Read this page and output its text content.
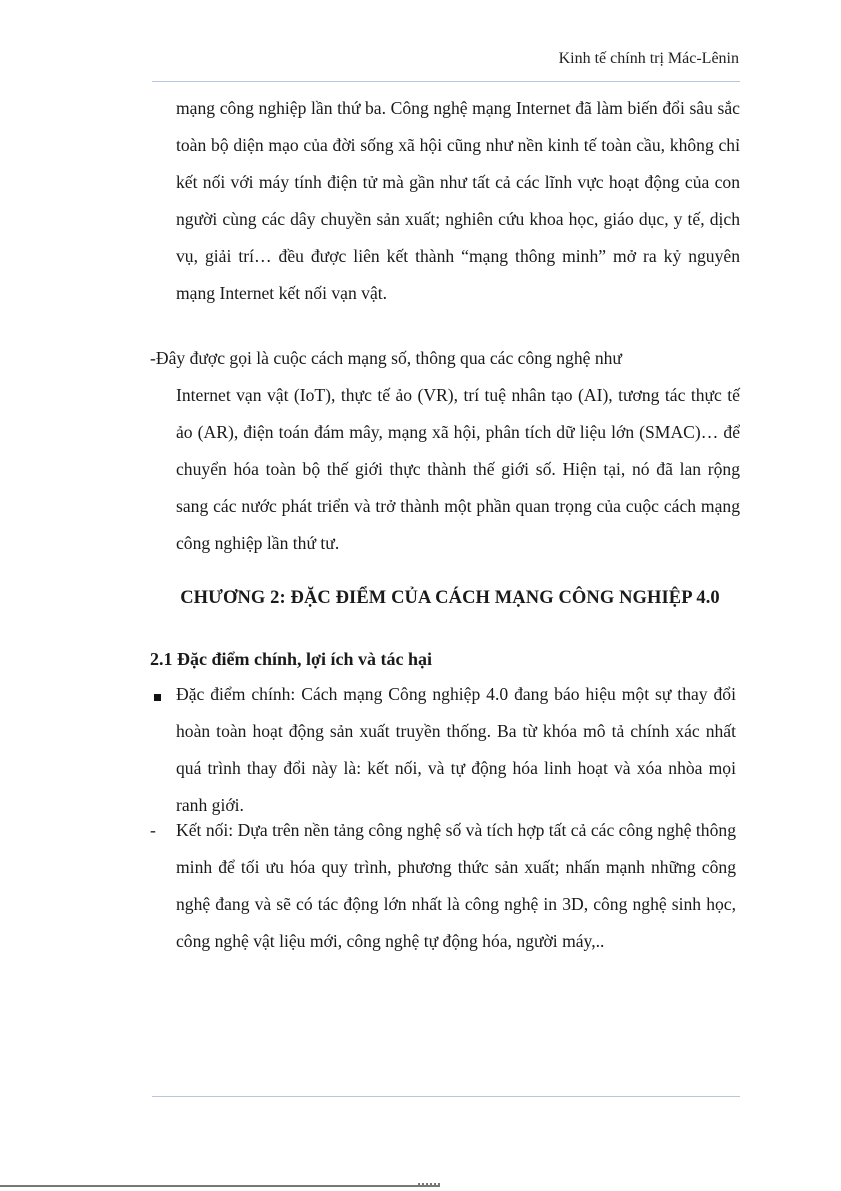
Kinh tế chính trị Mác-Lênin
mạng công nghiệp lần thứ ba. Công nghệ mạng Internet đã làm biến đổi sâu sắc toàn bộ diện mạo của đời sống xã hội cũng như nền kinh tế toàn cầu, không chỉ kết nối với máy tính điện tử mà gần như tất cả các lĩnh vực hoạt động của con người cùng các dây chuyền sản xuất; nghiên cứu khoa học, giáo dục, y tế, dịch vụ, giải trí… đều được liên kết thành “mạng thông minh” mở ra kỷ nguyên mạng Internet kết nối vạn vật.
-Đây được gọi là cuộc cách mạng số, thông qua các công nghệ như
Internet vạn vật (IoT), thực tế ảo (VR), trí tuệ nhân tạo (AI), tương tác thực tế ảo (AR), điện toán đám mây, mạng xã hội, phân tích dữ liệu lớn (SMAC)… để chuyển hóa toàn bộ thế giới thực thành thế giới số. Hiện tại, nó đã lan rộng sang các nước phát triển và trở thành một phần quan trọng của cuộc cách mạng công nghiệp lần thứ tư.
CHƯƠNG 2: ĐẶC ĐIỂM CỦA CÁCH MẠNG CÔNG NGHIỆP 4.0
2.1 Đặc điểm chính, lợi ích và tác hại
Đặc điểm chính: Cách mạng Công nghiệp 4.0 đang báo hiệu một sự thay đổi hoàn toàn hoạt động sản xuất truyền thống. Ba từ khóa mô tả chính xác nhất quá trình thay đổi này là: kết nối, và tự động hóa linh hoạt và xóa nhòa mọi ranh giới.
- Kết nối: Dựa trên nền tảng công nghệ số và tích hợp tất cả các công nghệ thông minh để tối ưu hóa quy trình, phương thức sản xuất; nhấn mạnh những công nghệ đang và sẽ có tác động lớn nhất là công nghệ in 3D, công nghệ sinh học, công nghệ vật liệu mới, công nghệ tự động hóa, người máy,..
